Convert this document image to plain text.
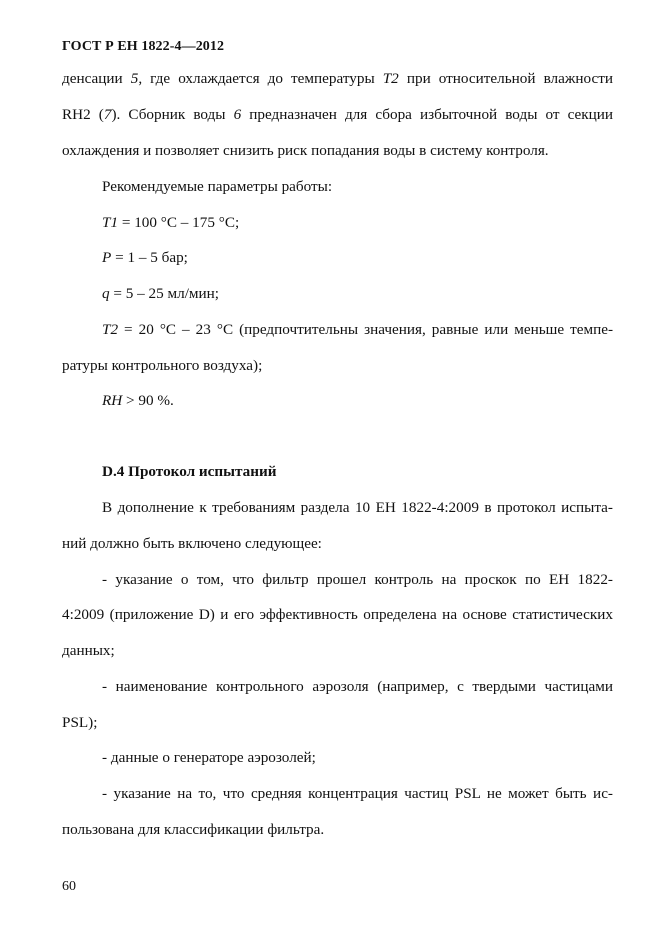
ГОСТ Р ЕН 1822-4—2012
денсации 5, где охлаждается до температуры T2 при относительной влажности
RH2 (7). Сборник воды 6 предназначен для сбора избыточной воды от секции
охлаждения и позволяет снизить риск попадания воды в систему контроля.
Рекомендуемые параметры работы:
T1 = 100 °С – 175 °С;
P = 1 – 5 бар;
q = 5 – 25 мл/мин;
T2 = 20 °С – 23 °С (предпочтительны значения, равные или меньше темпе-
ратуры контрольного воздуха);
RH > 90 %.
D.4 Протокол испытаний
В дополнение к требованиям раздела 10 ЕН 1822-4:2009 в протокол испыта-
ний должно быть включено следующее:
- указание о том, что фильтр прошел контроль на проскок по ЕН 1822-
4:2009 (приложение D) и его эффективность определена на основе статистических
данных;
- наименование контрольного аэрозоля (например, с твердыми частицами
PSL);
- данные о генераторе аэрозолей;
- указание на то, что средняя концентрация частиц PSL не может быть ис-
пользована для классификации фильтра.
60
